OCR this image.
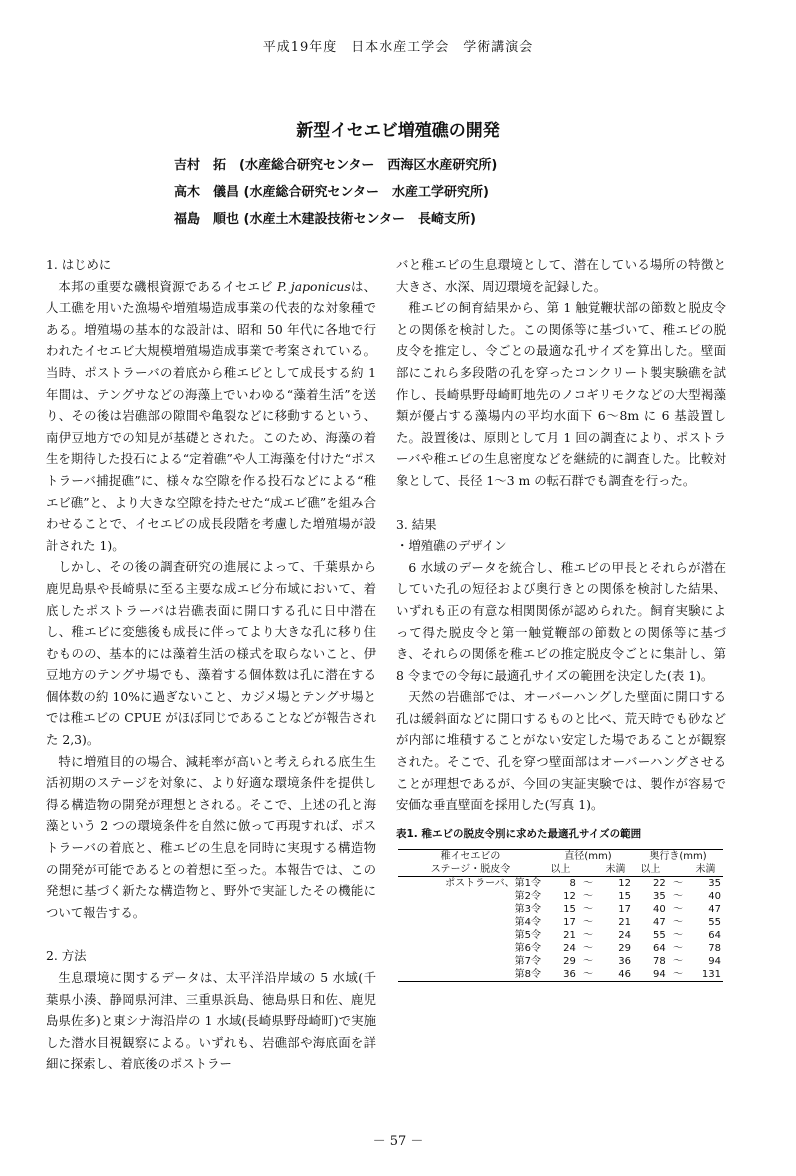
平成19年度　日本水産工学会　学術講演会
新型イセエビ増殖礁の開発
吉村　拓　(水産総合研究センター　西海区水産研究所)
高木　儀昌 (水産総合研究センター　水産工学研究所)
福島　順也 (水産土木建設技術センター　長崎支所)
1. はじめに

本邦の重要な磯根資源であるイセエビ P. japonicusは、人工礁を用いた漁場や増殖場造成事業の代表的な対象種である。増殖場の基本的な設計は、昭和 50 年代に各地で行われたイセエビ大規模増殖場造成事業で考案されている。当時、ポストラーバの着底から稚エビとして成長する約 1 年間は、テングサなどの海藻上でいわゆる“藻着生活”を送り、その後は岩礁部の隙間や亀裂などに移動するという、南伊豆地方での知見が基礎とされた。このため、海藻の着生を期待した投石による“定着礁”や人工海藻を付けた“ポストラーバ捕捉礁”に、様々な空隙を作る投石などによる“稚エビ礁”と、より大きな空隙を持たせた“成エビ礁”を組み合わせることで、イセエビの成長段階を考慮した増殖場が設計された 1)。

しかし、その後の調査研究の進展によって、千葉県から鹿児島県や長崎県に至る主要な成エビ分布域において、着底したポストラーバは岩礁表面に開口する孔に日中潜在し、稚エビに変態後も成長に伴ってより大きな孔に移り住むものの、基本的には藻着生活の様式を取らないこと、伊豆地方のテングサ場でも、藻着する個体数は孔に潜在する個体数の約 10%に過ぎないこと、カジメ場とテングサ場とでは稚エビの CPUE がほぼ同じであることなどが報告された 2,3)。

特に増殖目的の場合、減耗率が高いと考えられる底生生活初期のステージを対象に、より好適な環境条件を提供し得る構造物の開発が理想とされる。そこで、上述の孔と海藻という 2 つの環境条件を自然に倣って再現すれば、ポストラーバの着底と、稚エビの生息を同時に実現する構造物の開発が可能であるとの着想に至った。本報告では、この発想に基づく新たな構造物と、野外で実証したその機能について報告する。

2. 方法

生息環境に関するデータは、太平洋沿岸域の 5 水域(千葉県小湊、静岡県河津、三重県浜島、徳島県日和佐、鹿児島県佐多)と東シナ海沿岸の 1 水域(長崎県野母崎町)で実施した潜水目視観察による。いずれも、岩礁部や海底面を詳細に探索し、着底後のポストラー

バと稚エビの生息環境として、潜在している場所の特徴と大きさ、水深、周辺環境を記録した。

稚エビの飼育結果から、第 1 触覚鞭状部の節数と脱皮令との関係を検討した。この関係等に基づいて、稚エビの脱皮令を推定し、令ごとの最適な孔サイズを算出した。壁面部にこれら多段階の孔を穿ったコンクリート製実験礁を試作し、長崎県野母崎町地先のノコギリモクなどの大型褐藻類が優占する藻場内の平均水面下 6〜8m に 6 基設置した。設置後は、原則として月 1 回の調査により、ポストラーバや稚エビの生息密度などを継続的に調査した。比較対象として、長径 1〜3 m の転石群でも調査を行った。

3. 結果
・増殖礁のデザイン

6 水域のデータを統合し、稚エビの甲長とそれらが潜在していた孔の短径および奥行きとの関係を検討した結果、いずれも正の有意な相関関係が認められた。飼育実験によって得た脱皮令と第一触覚鞭部の節数との関係等に基づき、それらの関係を稚エビの推定脱皮令ごとに集計し、第 8 令までの令毎に最適孔サイズの範囲を決定した(表 1)。

天然の岩礁部では、オーバーハングした壁面に開口する孔は緩斜面などに開口するものと比べ、荒天時でも砂などが内部に堆積することがない安定した場であることが観察された。そこで、孔を穿つ壁面部はオーバーハングさせることが理想であるが、今回の実証実験では、製作が容易で安価な垂直壁面を採用した(写真 1)。

表1. 稚エビの脱皮令別に求めた最適孔サイズの範囲
稚イセエビの	直径(mm)			奥行き(mm)		
ステージ・脱皮令	以上		未満	以上		未満
ポストラーバ、第1令	8	〜	12	22	〜	35
第2令	12	〜	15	35	〜	40
第3令	15	〜	17	40	〜	47
第4令	17	〜	21	47	〜	55
第5令	21	〜	24	55	〜	64
第6令	24	〜	29	64	〜	78
第7令	29	〜	36	78	〜	94
第8令	36	〜	46	94	〜	131
－ 57 －
